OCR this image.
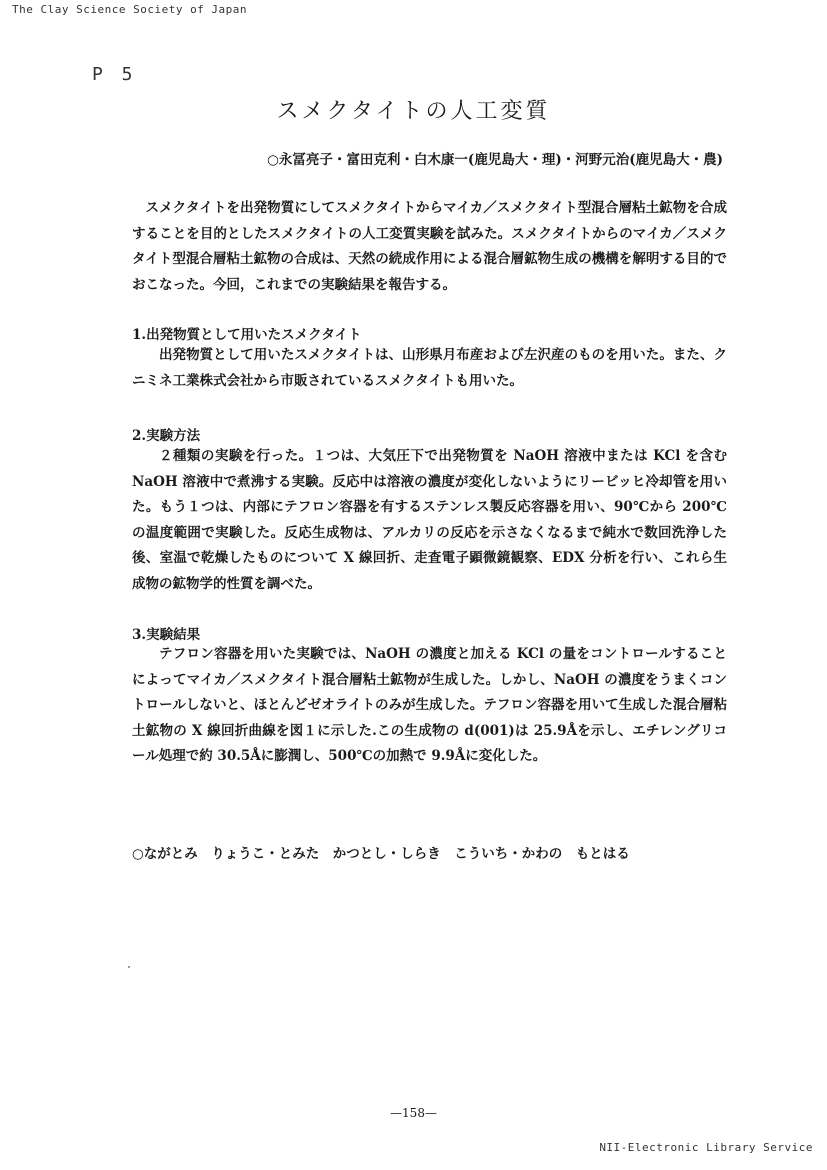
The Clay Science Society of Japan
P 5
スメクタイトの人工変質
○永冨亮子・富田克利・白木康一(鹿児島大・理)・河野元治(鹿児島大・農)

スメクタイトを出発物質にしてスメクタイトからマイカ／スメクタイト型混合層粘土鉱物を合成することを目的としたスメクタイトの人工変質実験を試みた。スメクタイトからのマイカ／スメクタイト型混合層粘土鉱物の合成は、天然の続成作用による混合層鉱物生成の機構を解明する目的でおこなった。今回，これまでの実験結果を報告する。

1.出発物質として用いたスメクタイト

出発物質として用いたスメクタイトは、山形県月布産および左沢産のものを用いた。また、クニミネ工業株式会社から市販されているスメクタイトも用いた。

2.実験方法

２種類の実験を行った。１つは、大気圧下で出発物質を NaOH 溶液中または KCl を含む NaOH 溶液中で煮沸する実験。反応中は溶液の濃度が変化しないようにリービッヒ冷却管を用いた。もう１つは、内部にテフロン容器を有するステンレス製反応容器を用い、90℃から 200℃の温度範囲で実験した。反応生成物は、アルカリの反応を示さなくなるまで純水で数回洗浄した後、室温で乾燥したものについて X 線回折、走査電子顕微鏡観察、EDX 分析を行い、これら生成物の鉱物学的性質を調べた。

3.実験結果

テフロン容器を用いた実験では、NaOH の濃度と加える KCl の量をコントロールすることによってマイカ／スメクタイト混合層粘土鉱物が生成した。しかし、NaOH の濃度をうまくコントロールしないと、ほとんどゼオライトのみが生成した。テフロン容器を用いて生成した混合層粘土鉱物の X 線回折曲線を図１に示した.この生成物の d(001)は 25.9Åを示し、エチレングリコール処理で約 30.5Åに膨潤し、500℃の加熱で 9.9Åに変化した。

○ながとみ　りょうこ・とみた　かつとし・しらき　こういち・かわの　もとはる
—158—
NII-Electronic Library Service
